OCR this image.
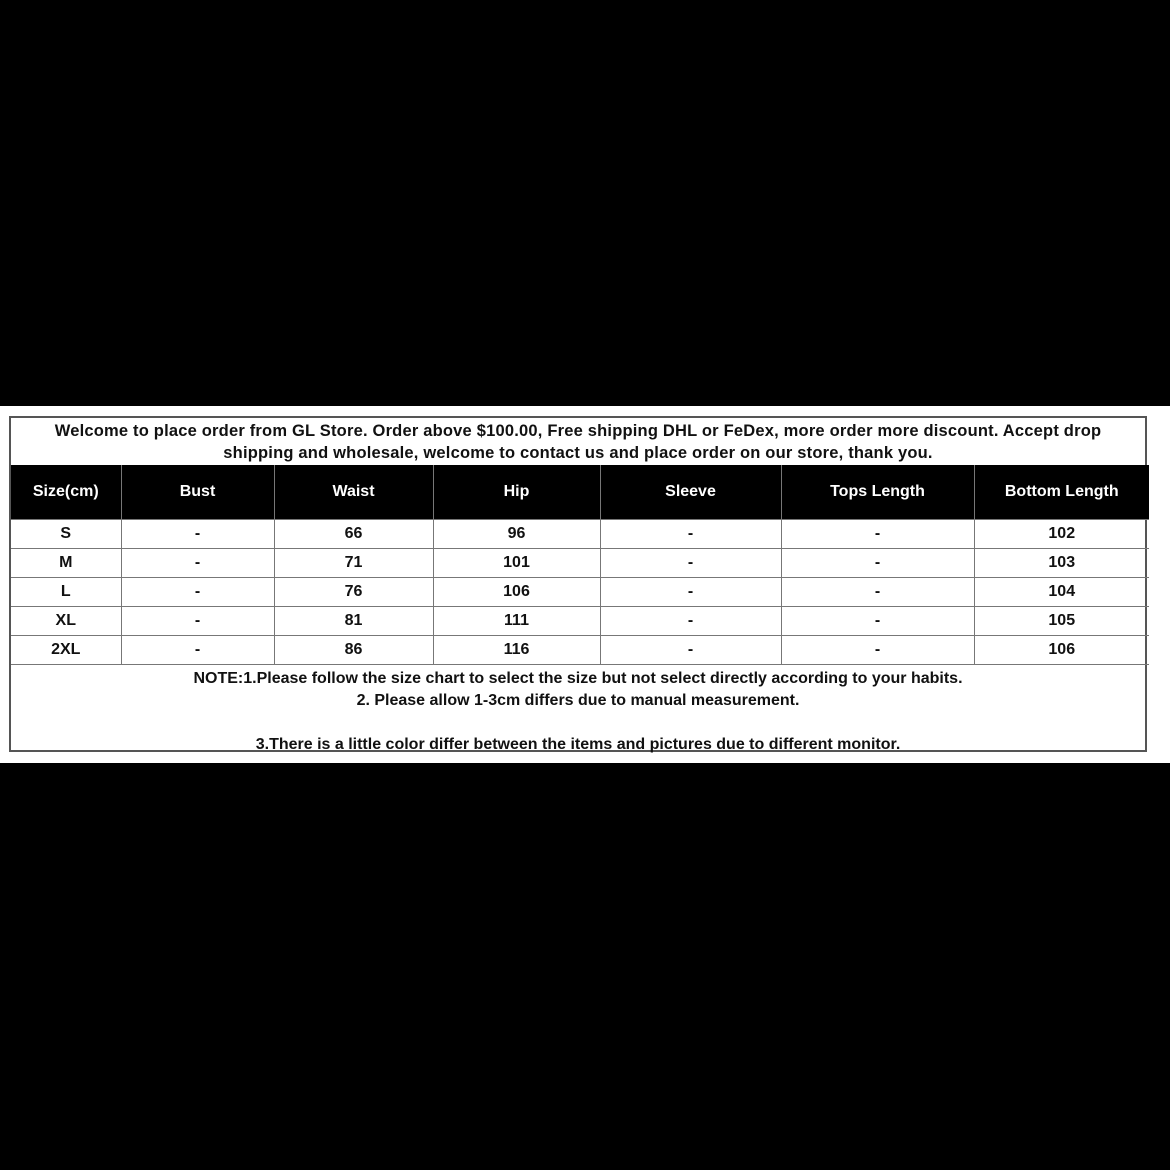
Welcome to place order from GL Store. Order above $100.00, Free shipping DHL or FeDex, more order more discount. Accept drop shipping and wholesale, welcome to contact us and place order on our store, thank you.
Size(cm)	Bust	Waist	Hip	Sleeve	Tops Length	Bottom Length
S	-	66	96	-	-	102
M	-	71	101	-	-	103
L	-	76	106	-	-	104
XL	-	81	111	-	-	105
2XL	-	86	116	-	-	106
NOTE:1.Please follow the size chart to select the size but not select directly according to your habits.
2. Please allow 1-3cm differs due to manual measurement.
3.There is a little color differ between the items and pictures due to different monitor.
